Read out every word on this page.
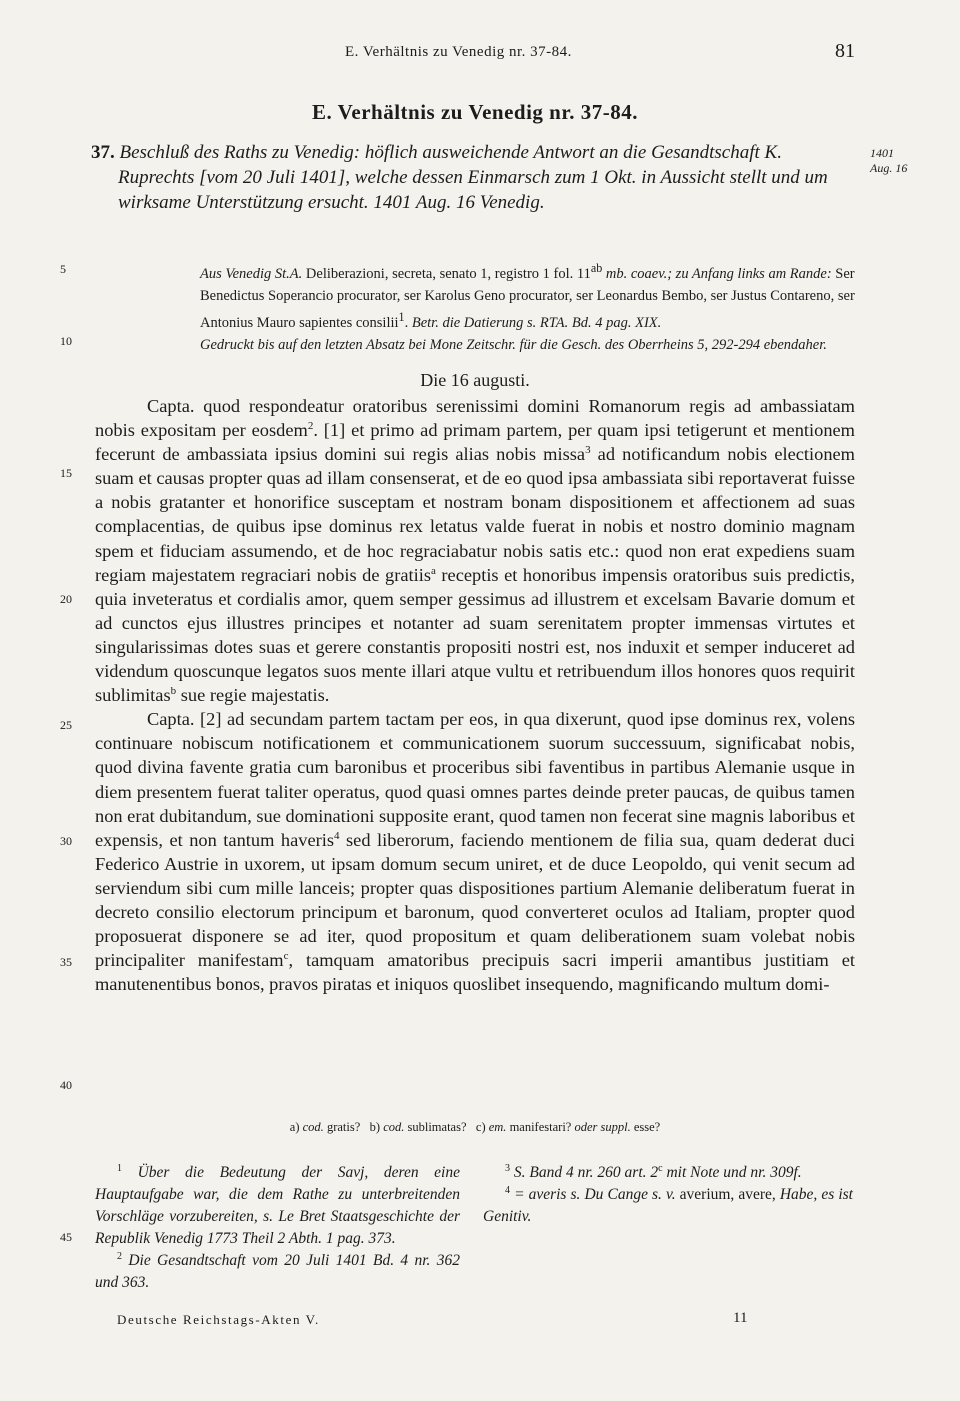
E. Verhältnis zu Venedig nr. 37-84.	81
E. Verhältnis zu Venedig nr. 37-84.
37. Beschluß des Raths zu Venedig: höflich ausweichende Antwort an die Gesandtschaft K. Ruprechts [vom 20 Juli 1401], welche dessen Einmarsch zum 1 Okt. in Aussicht stellt und um wirksame Unterstützung ersucht. 1401 Aug. 16 Venedig.
1401
Aug. 16
Aus Venedig St.A. Deliberazioni, secreta, senato 1, registro 1 fol. $11^{ab}$ mb. coaev.; zu Anfang links am Rande: Ser Benedictus Soperancio procurator, ser Karolus Geno procurator, ser Leonardus Bembo, ser Justus Contareno, ser Antonius Mauro sapientes consilii$^1$. Betr. die Datierung s. RTA. Bd. 4 pag. XIX.
Gedruckt bis auf den letzten Absatz bei Mone Zeitschr. für die Gesch. des Oberrheins 5, 292-294 ebendaher.
5
10
15
20
25
30
35
40
45
Die 16 augusti.

Capta. quod respondeatur oratoribus serenissimi domini Romanorum regis ad ambassiatam nobis expositam per eosdem$^2$. [1] et primo ad primam partem, per quam ipsi tetigerunt et mentionem fecerunt de ambassiata ipsius domini sui regis alias nobis missa$^3$ ad notificandum nobis electionem suam et causas propter quas ad illam consenserat, et de eo quod ipsa ambassiata sibi reportaverat fuisse a nobis gratanter et honorifice susceptam et nostram bonam dispositionem et affectionem ad suas complacentias, de quibus ipse dominus rex letatus valde fuerat in nobis et nostro dominio magnam spem et fiduciam assumendo, et de hoc regraciabatur nobis satis etc.: quod non erat expediens suam regiam majestatem regraciari nobis de gratiis$^a$ receptis et honoribus impensis oratoribus suis predictis, quia inveteratus et cordialis amor, quem semper gessimus ad illustrem et excelsam Bavarie domum et ad cunctos ejus illustres principes et notanter ad suam serenitatem propter immensas virtutes et singularissimas dotes suas et gerere constantis propositi nostri est, nos induxit et semper induceret ad videndum quoscunque legatos suos mente illari atque vultu et retribuendum illos honores quos requirit sublimitas$^b$ sue regie majestatis.

Capta. [2] ad secundam partem tactam per eos, in qua dixerunt, quod ipse dominus rex, volens continuare nobiscum notificationem et communicationem suorum successuum, significabat nobis, quod divina favente gratia cum baronibus et proceribus sibi faventibus in partibus Alemanie usque in diem presentem fuerat taliter operatus, quod quasi omnes partes deinde preter paucas, de quibus tamen non erat dubitandum, sue dominationi supposite erant, quod tamen non fecerat sine magnis laboribus et expensis, et non tantum haveris$^4$ sed liberorum, faciendo mentionem de filia sua, quam dederat duci Federico Austrie in uxorem, ut ipsam domum secum uniret, et de duce Leopoldo, qui venit secum ad serviendum sibi cum mille lanceis; propter quas dispositiones partium Alemanie deliberatum fuerat in decreto consilio electorum principum et baronum, quod converteret oculos ad Italiam, propter quod proposuerat disponere se ad iter, quod propositum et quam deliberationem suam volebat nobis principaliter manifestam$^c$, tamquam amatoribus precipuis sacri imperii amantibus justitiam et manutenentibus bonos, pravos piratas et iniquos quoslibet insequendo, magnificando multum domi-

a) cod. gratis? b) cod. sublimatas? c) em. manifestari? oder suppl. esse?

$^1$ Über die Bedeutung der Savj, deren eine Hauptaufgabe war, die dem Rathe zu unterbreitenden Vorschläge vorzubereiten, s. Le Bret Staatsgeschichte der Republik Venedig 1773 Theil 2 Abth. 1 pag. 373.

$^2$ Die Gesandtschaft vom 20 Juli 1401 Bd. 4 nr. 362 und 363.

$^3$ S. Band 4 nr. 260 art. 2$^c$ mit Note und nr. 309f.

$^4$ = averis s. Du Cange s. v. averium, avere, Habe, es ist Genitiv.

Deutsche Reichstags-Akten V.	11
